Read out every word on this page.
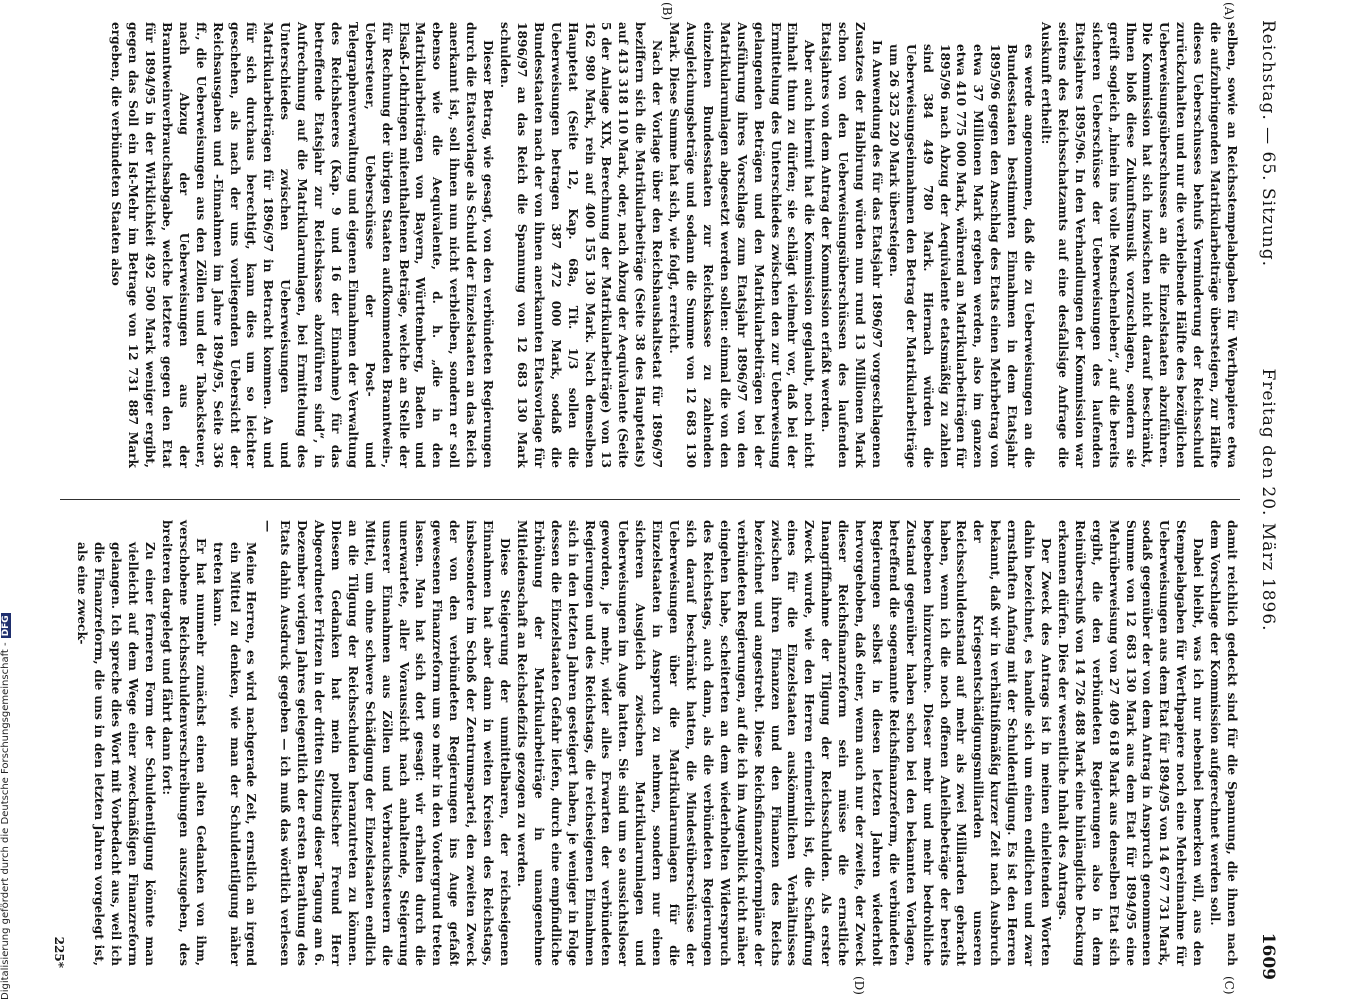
Reichstag. — 65. Sitzung.
Freitag den 20. März 1896.
1609
(A)
(B)
(C)
(D)

selben, sowie an Reichsstempelabgaben für Werthpapiere etwa die aufzubringenden Matrikularbeiträge übersteigen, zur Hälfte dieses Ueberschusses behufs Verminderung der Reichsschuld zurückzuhalten und nur die verbleibende Hälfte des bezüglichen Ueberweisungsüberschusses an die Einzelstaaten abzuführen. Die Kommission hat sich inzwischen nicht darauf beschränkt, Ihnen bloß diese Zukunftsmusik vorzuschlagen, sondern sie greift sogleich „hinein ins volle Menschenleben“, auf die bereits sicheren Ueberschüsse der Ueberweisungen des laufenden Etatsjahres 1895/96. In den Verhandlungen der Kommission war seitens des Reichsschatzamts auf eine desfallsige Anfrage die Auskunft ertheilt:

es werde angenommen, daß die zu Ueberweisungen an die Bundesstaaten bestimmten Einnahmen in dem Etatsjahr 1895/96 gegen den Anschlag des Etats einen Mehrbetrag von etwa 37 Millionen Mark ergeben werden, also im ganzen etwa 410 775 000 Mark, während an Matrikularbeiträgen für 1895/96 nach Abzug der Aequivalente etatsmäßig zu zahlen sind 384 449 780 Mark. Hiernach würden die Ueberweisungseinnahmen den Betrag der Matrikularbeiträge um 26 325 220 Mark übersteigen.

In Anwendung des für das Etatsjahr 1896/97 vorgeschlagenen Zusatzes der Halbirung würden nun rund 13 Millionen Mark schon von den Ueberweisungsüberschüssen des laufenden Etatsjahres von dem Antrag der Kommission erfaßt werden.

Aber auch hiermit hat die Kommission geglaubt, noch nicht Einhalt thun zu dürfen; sie schlägt vielmehr vor, daß bei der Ermittelung des Unterschiedes zwischen den zur Ueberweisung gelangenden Beträgen und den Matrikularbeiträgen bei der Ausführung ihres Vorschlags zum Etatsjahr 1896/97 von den Matrikularumlagen abgesetzt werden sollen: einmal die von den einzelnen Bundesstaaten zur Reichskasse zu zahlenden Ausgleichungsbeträge und sodann die Summe von 12 683 130 Mark. Diese Summe hat sich, wie folgt, erreicht.

Nach der Vorlage über den Reichshaushaltsetat für 1896/97 beziffern sich die Matrikularbeiträge (Seite 38 des Hauptetats) auf 413 318 110 Mark, oder, nach Abzug der Aequivalente (Seite 5 der Anlage XIX, Berechnung der Matrikularbeiträge) von 13 162 980 Mark, rein auf 400 155 130 Mark. Nach demselben Hauptetat (Seite 12, Kap. 68a, Tit. 1/3 sollen die Ueberweisungen betragen 387 472 000 Mark, sodaß die Bundesstaaten nach der von ihnen anerkannten Etatsvorlage für 1896/97 an das Reich die Spannung von 12 683 130 Mark schulden.

Dieser Betrag, wie gesagt, von den verbündeten Regierungen durch die Etatsvorlage als Schuld der Einzelstaaten an das Reich anerkannt ist, soll ihnen nun nicht verbleiben, sondern er soll ebenso wie die Aequivalente, d. h. „die in den Matrikularbeiträgen von Bayern, Württemberg, Baden und Elsaß-Lothringen mitenthaltenen Beträge, welche an Stelle der für Rechnung der übrigen Staaten aufkommenden Branntwein-, Uebersteuer, Ueberschüsse der Post- und Telegraphenverwaltung und eigenen Einnahmen der Verwaltung des Reichsheeres (Kap. 9 und 16 der Einnahme) für das betreffende Etatsjahr zur Reichskasse abzuführen sind“, in Aufrechnung auf die Matrikularumlagen, bei Ermittelung des Unterschiedes zwischen Ueberweisungen und Matrikularbeiträgen für 1896/97 in Betracht kommen. An und für sich durchaus berechtigt, kann dies um so leichter geschehen, als nach der uns vorliegenden Uebersicht der Reichsausgaben und -Einnahmen im Jahre 1894/95, Seite 336 ff., die Ueberweisungen aus den Zöllen und der Tabacksteuer, nach Abzug der Ueberweisungen aus der Branntweinverbrauchsabgabe, welche letztere gegen den Etat für 1894/95 in der Wirklichkeit 492 500 Mark weniger ergibt, gegen das Soll ein Ist-Mehr im Betrage von 12 731 887 Mark ergeben, die verbündeten Staaten also

damit reichlich gedeckt sind für die Spannung, die ihnen nach dem Vorschlage der Kommission aufgerechnet werden soll.

Dabei bleibt, was ich nur nebenbei bemerken will, aus den Stempelabgaben für Werthpapiere noch eine Mehreinnahme für Ueberweisungen aus dem Etat für 1894/95 von 14 677 731 Mark, sodaß gegenüber der von dem Antrag in Anspruch genommenen Summe von 12 683 130 Mark aus dem Etat für 1894/95 eine Mehrüberweisung von 27 409 618 Mark aus denselben Etat sich ergibt, die den verbündeten Regierungen also in dem Reinüberschuß von 14 726 488 Mark eine hinlängliche Deckung erkennen dürfen. Dies der wesentliche Inhalt des Antrags.

Der Zweck des Antrags ist in meinen einleitenden Worten dahin bezeichnet, es handle sich um einen endlichen und zwar ernsthaften Anfang mit der Schuldentilgung. Es ist den Herren bekannt, daß wir in verhältnißmäßig kurzer Zeit nach Ausbruch der Kriegsentschädigungsmilliarden unseren Reichsschuldenstand auf mehr als zwei Milliarden gebracht haben, wenn ich die noch offenen Anleihebeträge der bereits begebenen hinzurechne. Dieser mehr und mehr bedrohliche Zustand gegenüber haben schon bei den bekannten Vorlagen, betreffend die sogenannte Reichsfinanzreform, die verbündeten Regierungen selbst in diesen letzten Jahren wiederholt hervorgehoben, daß einer, wenn auch nur der zweite, der Zweck dieser Reichsfinanzreform sein müsse die ernstliche Inangriffnahme der Tilgung der Reichsschulden. Als erster Zweck wurde, wie den Herren erinnerlich ist, die Schaffung eines für die Einzelstaaten auskömmlichen Verhältnisses zwischen ihren Finanzen und den Finanzen des Reichs bezeichnet und angestrebt. Diese Reichsfinanzreformpläne der verbündeten Regierungen, auf die ich im Augenblick nicht näher eingehen habe, scheiterten an dem wiederholten Widerspruch des Reichstags, auch dann, als die verbündeten Regierungen sich darauf beschränkt hatten, die Mindestüberschüsse der Ueberweisungen über die Matrikularumlagen für die Einzelstaaten in Anspruch zu nehmen, sondern nur einen sicheren Ausgleich zwischen Matrikularumlagen und Ueberweisungen im Auge hatten. Sie sind um so aussichtsloser geworden, je mehr, wider alles Erwarten der verbündeten Regierungen und des Reichstags, die reichseigenen Einnahmen sich in den letzten Jahren gesteigert haben, je weniger in Folge dessen die Einzelstaaten Gefahr liefen, durch eine empfindliche Erhöhung der Matrikularbeiträge in unangenehme Mitleidenschaft an Reichsdefizits gezogen zu werden.

Diese Steigerung der unmittelbaren, der reichseigenen Einnahmen hat aber dann in weiten Kreisen des Reichstags, insbesondere im Schoß der Zentrumspartei, den zweiten Zweck der von den verbündeten Regierungen ins Auge gefaßt gewesenen Finanzreform um so mehr in den Vordergrund treten lassen. Man hat sich dort gesagt: wir erhalten durch die unerwartete, aller Voraussicht nach anhaltende, Steigerung unserer Einnahmen aus Zöllen und Verbrauchssteuern die Mittel, um ohne schwere Schädigung der Einzelstaaten endlich an die Tilgung der Reichsschulden heranzutreten zu können. Diesem Gedanken hat mein politischer Freund Herr Abgeordneter Fritzen in der dritten Sitzung dieser Tagung am 6. Dezember vorigen Jahres gelegentlich der ersten Berathung des Etats dahin Ausdruck gegeben — ich muß das wörtlich verlesen —

Meine Herren, es wird nachgerade Zeit, ernstlich an irgend ein Mittel zu denken, wie man der Schuldentilgung näher treten kann.

Er hat nunmehr zunächst einen alten Gedanken von ihm, verschobene Reichsschuldenverschreibungen auszugeben, des breiteren dargelegt und fährt dann fort:

Zu einer ferneren Form der Schuldentilgung könnte man vielleicht auf dem Wege einer zweckmäßigen Finanzreform gelangen. Ich spreche dies Wort mit Vorbedacht aus, weil ich die Finanzreform, die uns in den letzten Jahren vorgelegt ist, als eine zweck-

225*
Digitalisierung gefördert durch die Deutsche Forschungsgemeinschaft -DFG
